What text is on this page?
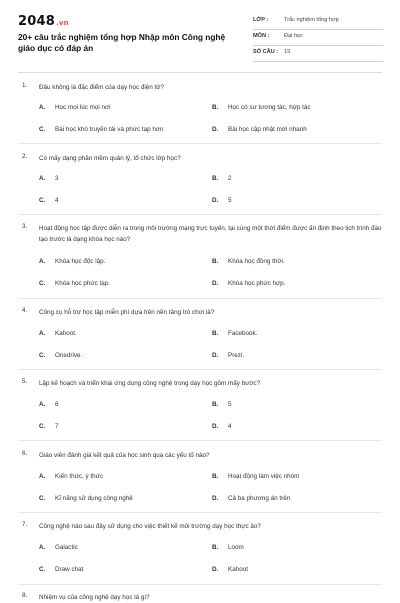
2048.vn
20+ câu trắc nghiệm tổng hợp Nhập môn Công nghệ giáo dục có đáp án
LỚP :	Trắc nghiệm tổng hợp
MÔN :	Đại học
SỐ CÂU : 19
1. Đâu không là đặc điểm của dạy học điện tử?
A. Học mọi lúc mọi nơi	B. Học có sự tương tác, hợp tác
C. Bài học khó truyền tải và phức tạp hơn	D. Bài học cập nhật mới nhanh
2. Có mấy dạng phần mềm quản lý, tổ chức lớp học?
A. 3	B. 2
C. 4	D. 5
3. Hoạt động học tập được diễn ra trong môi trường mạng trực tuyến, tại cùng một thời điểm được ấn định theo lịch trình đào tạo trước là dạng khóa học nào?
A. Khóa học độc lập.	B. Khóa học đồng thời.
C. Khóa học phức tạp.	D. Khóa học phức hợp.
4. Công cụ hỗ trợ học tập miễn phí dựa trên nền tảng trò chơi là?
A. Kahoot.	B. Facebook.
C. Onedrive.	D. Prezi.
5. Lập kế hoạch và triển khai ứng dụng công nghệ trong dạy học gồm mấy bước?
A. 6	B. 5
C. 7	D. 4
6. Giáo viên đánh giá kết quả của học sinh qua các yếu tố nào?
A. Kiến thức, ý thức	B. Hoạt động làm việc nhóm
C. Kĩ năng sử dụng công nghệ	D. Cả ba phương án trên
7. Công nghệ nào sau đây sử dụng cho việc thiết kế môi trường dạy học thực ảo?
A. Galactic	B. Loom
C. Draw chat	D. Kahoot
8. Nhiệm vụ của công nghệ dạy học là gì?
